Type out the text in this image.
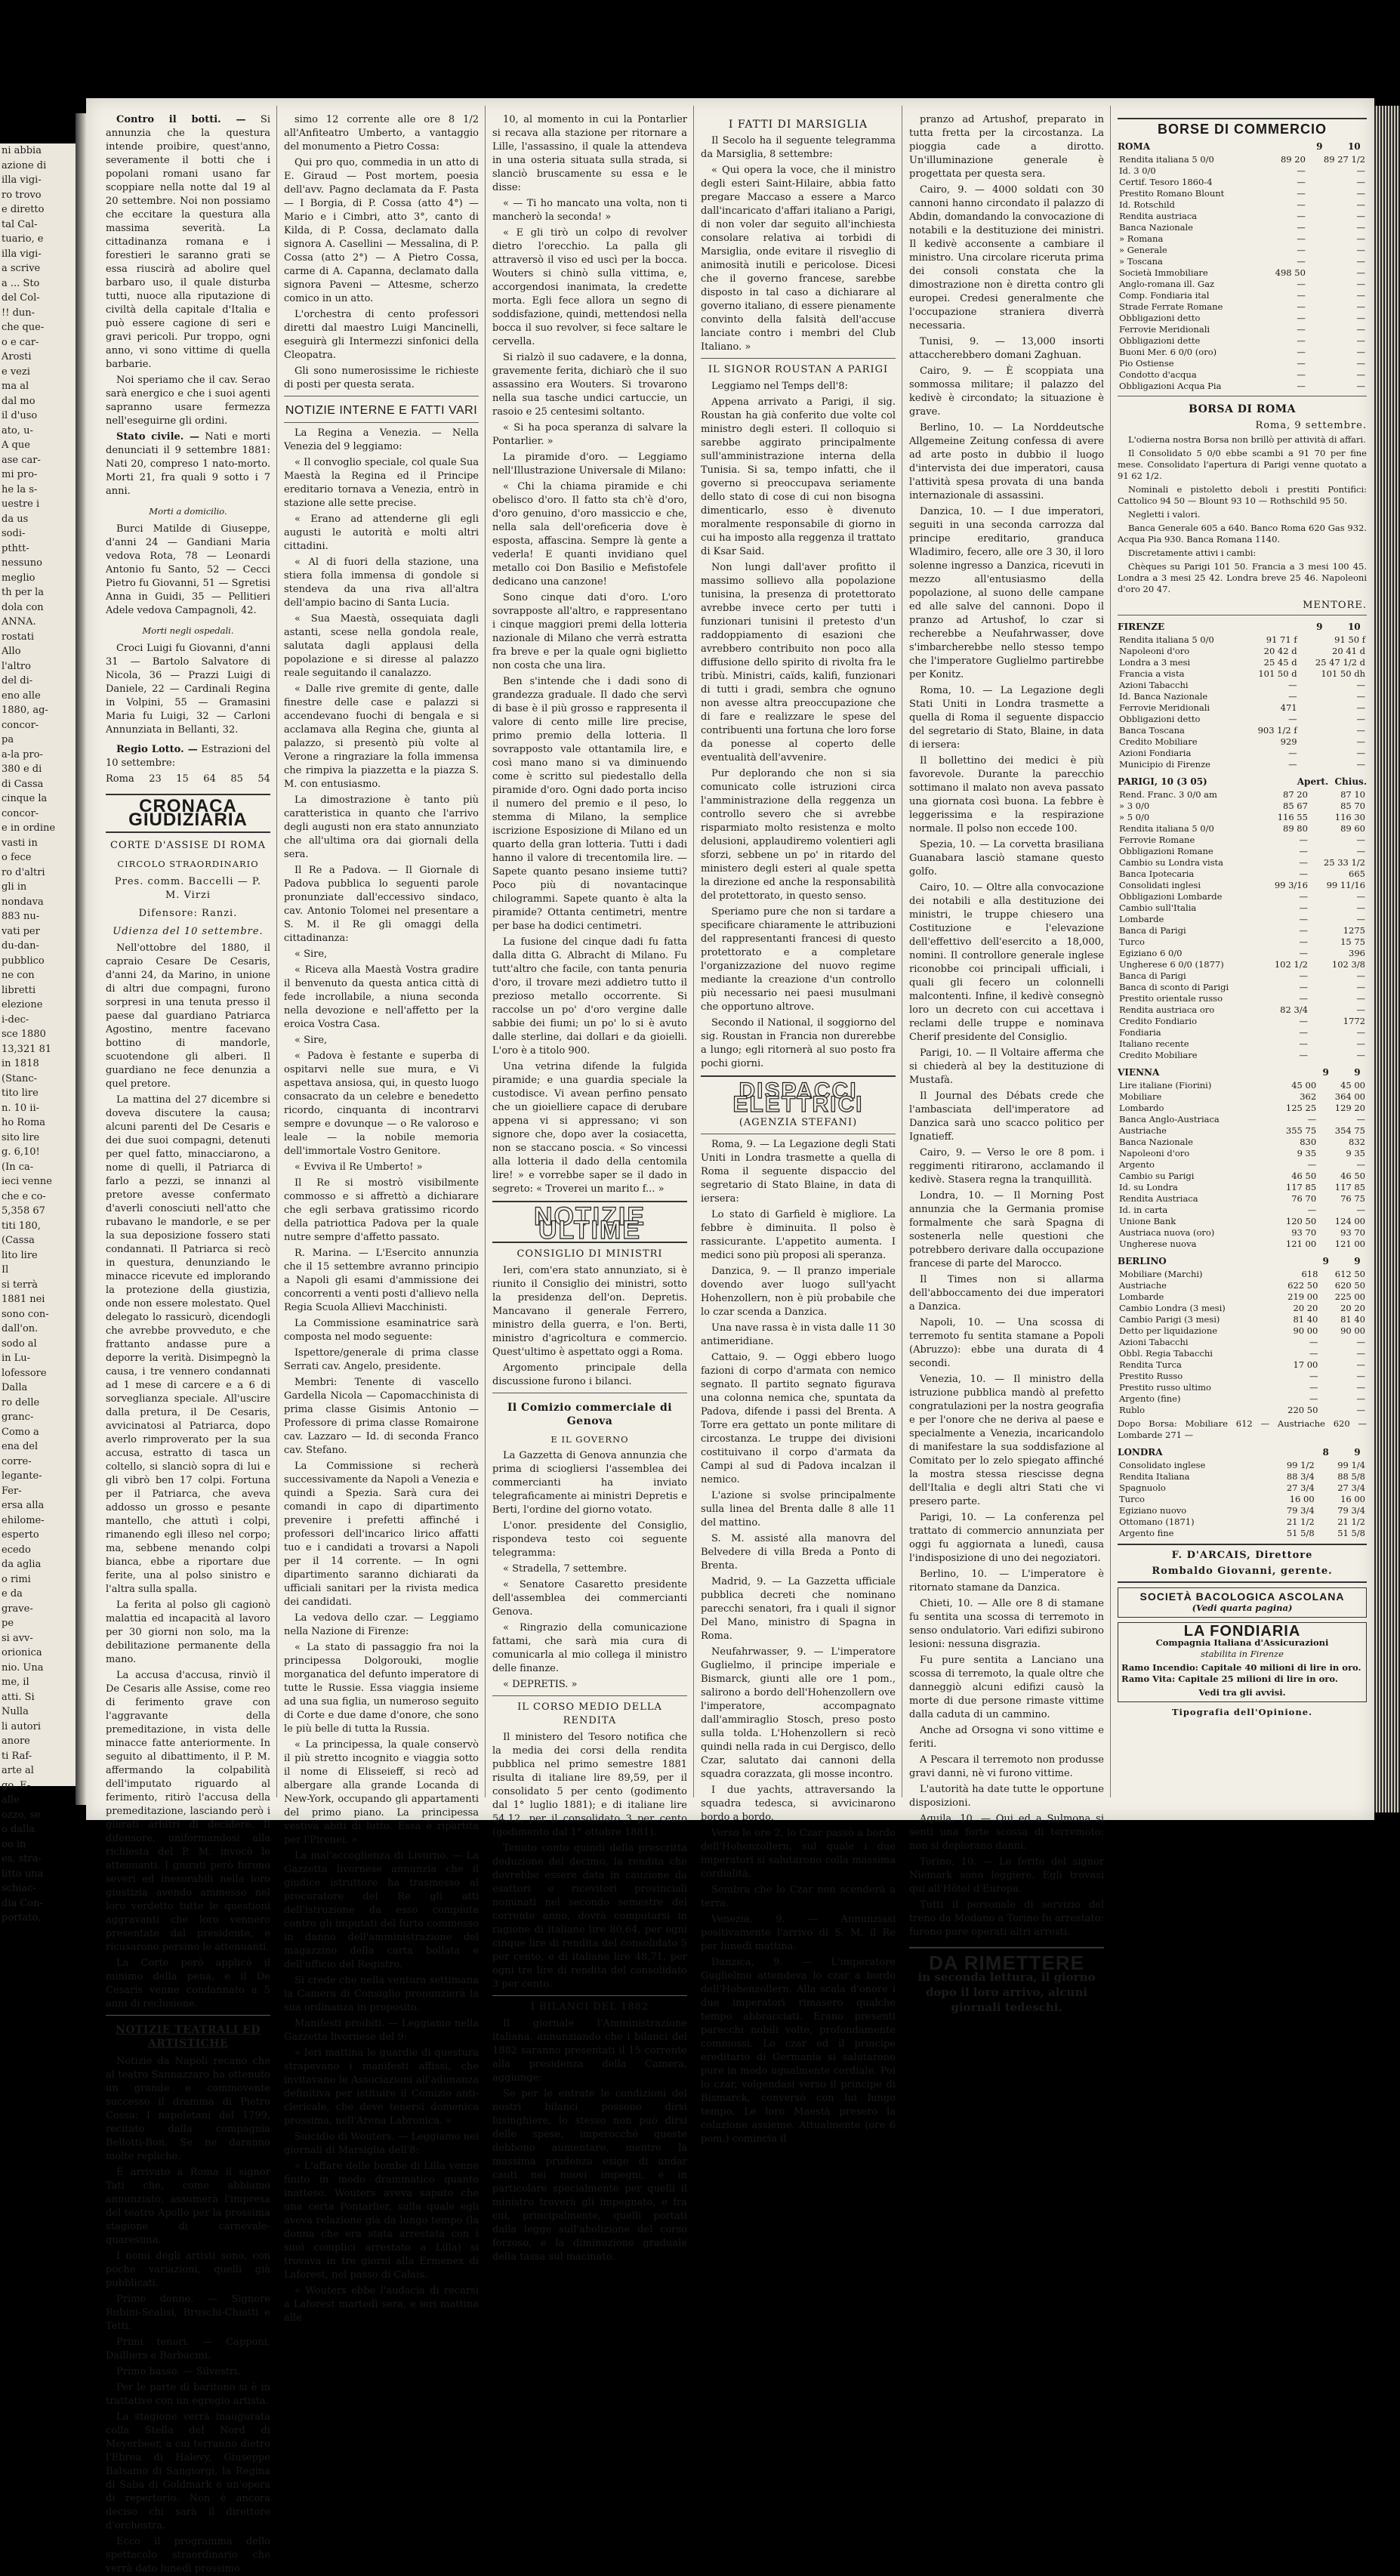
ni abbia
azione di
illa vigi-
ro trovo
e diretto
tal Cal-
tuario, e
illa vigi-
a scrive
a ... Sto
del Col-
!! dun-
che que-
o e car-
Arosti
e vezi
ma al
dal mo
il d'uso
ato, u-
A que
ase car-
mi pro-
he la s-
uestre i
da us
sodi-
pthtt-
nessuno
meglio
th per la
dola con
ANNA.
rostati
Allo
l'altro
del di-
eno alle
1880, ag-
concor-
pa
a-la pro-
380 e di
di Cassa
cinque la
concor-
e in ordine
vasti in
o fece
ro d'altri
gli in
nondava
883 nu-
vati per
du-dan-
pubblico
ne con
libretti
elezione
i-dec-
sce 1880
13,321 81
in 1818
(Stanc-
tito lire
n. 10 ii-
ho Roma
sito lire
g. 6,10!
(In ca-
ieci venne
che e co-
5,358 67
titi 180,
(Cassa
lito lire
Il
si terrà
1881 nei
sono con-
dall'on.
sodo al
in Lu-
lofessore
Dalla
ro delle
granc-
Como a
ena del
corre-
legante-
Fer-
ersa alla
ehilome-
esperto
ecedo
da aglia
o rimi
e da
grave-
pe
si avv-
orionica
nio. Una
me, il
atti. Si
Nulla
li autori
anore
ti Raf-
arte al
go. E-
alle
ozzo, se
o dalla
oo in
es, stra-
litto una
schiac-
dia Con-
portato,

Contro il botti. — Si annunzia che la questura intende proibire, quest'anno, severamente il botti che i popolani romani usano far scoppiare nella notte dal 19 al 20 settembre. Noi non possiamo che eccitare la questura alla massima severità. La cittadinanza romana e i forestieri le saranno grati se essa riuscirà ad abolire quel barbaro uso, il quale disturba tutti, nuoce alla riputazione di civiltà della capitale d'Italia e può essere cagione di seri e gravi pericoli. Pur troppo, ogni anno, vi sono vittime di quella barbarie.

Noi speriamo che il cav. Serao sarà energico e che i suoi agenti sapranno usare fermezza nell'eseguirne gli ordini.

Stato civile. — Nati e morti denunciati il 9 settembre 1881: Nati 20, compreso 1 nato-morto. Morti 21, fra quali 9 sotto i 7 anni.

Morti a domicilio.

Burci Matilde di Giuseppe, d'anni 24 — Gandiani Maria vedova Rota, 78 — Leonardi Antonio fu Santo, 52 — Cecci Pietro fu Giovanni, 51 — Sgretisi Anna in Guidi, 35 — Pellitieri Adele vedova Campagnoli, 42.

Morti negli ospedali.

Croci Luigi fu Giovanni, d'anni 31 — Bartolo Salvatore di Nicola, 36 — Prazzi Luigi di Daniele, 22 — Cardinali Regina in Volpini, 55 — Gramasini Maria fu Luigi, 32 — Carloni Annunziata in Bellanti, 32.

Regio Lotto. — Estrazioni del 10 settembre:

Roma 23 15 64 85 54
CRONACA GIUDIZIARIA
CORTE D'ASSISE DI ROMA
CIRCOLO STRAORDINARIO
Pres. comm. Baccelli — P. M. Virzi
Difensore: Ranzi.
Udienza del 10 settembre.

Nell'ottobre del 1880, il capraio Cesare De Cesaris, d'anni 24, da Marino, in unione di altri due compagni, furono sorpresi in una tenuta presso il paese dal guardiano Patriarca Agostino, mentre facevano bottino di mandorle, scuotendone gli alberi. Il guardiano ne fece denunzia a quel pretore.

La mattina del 27 dicembre si doveva discutere la causa; alcuni parenti del De Cesaris e dei due suoi compagni, detenuti per quel fatto, minacciarono, a nome di quelli, il Patriarca di farlo a pezzi, se innanzi al pretore avesse confermato d'averli conosciuti nell'atto che rubavano le mandorle, e se per la sua deposizione fossero stati condannati. Il Patriarca si recò in questura, denunziando le minacce ricevute ed implorando la protezione della giustizia, onde non essere molestato. Quel delegato lo rassicurò, dicendogli che avrebbe provveduto, e che frattanto andasse pure a deporre la verità. Disimpegnò la causa, i tre vennero condannati ad 1 mese di carcere e a 6 di sorveglianza speciale. All'uscire dalla pretura, il De Cesaris, avvicinatosi al Patriarca, dopo averlo rimproverato per la sua accusa, estratto di tasca un coltello, si slanciò sopra di lui e gli vibrò ben 17 colpi. Fortuna per il Patriarca, che aveva addosso un grosso e pesante mantello, che attutì i colpi, rimanendo egli illeso nel corpo; ma, sebbene menando colpi bianca, ebbe a riportare due ferite, una al polso sinistro e l'altra sulla spalla.

La ferita al polso gli cagionò malattia ed incapacità al lavoro per 30 giorni non solo, ma la debilitazione permanente della mano.

La accusa d'accusa, rinviò il De Cesaris alle Assise, come reo di ferimento grave con l'aggravante della premeditazione, in vista delle minacce fatte anteriormente. In seguito al dibattimento, il P. M. affermando la colpabilità dell'imputato riguardo al ferimento, ritirò l'accusa della premeditazione, lasciando però i giurati arbitri di decidere. Il difensore, uniformandosi alla richiesta del P. M. invocò le attenuanti. I giurati però furono severi ed inesorabili nella loro giustizia avendo ammesso nel loro verdetto tutte le questioni aggravanti che loro vennero presentate dal presidente, e ricusarono persino le attenuanti.

La Corte però applicò il minimo della pena, e il De Cesaris venne condannato a 5 anni di reclusione.

NOTIZIE TEATRALI ED ARTISTICHE

Notizie da Napoli recano che al teatro Sannazzaro ha ottenuto un grande e commovente successo il dramma di Pietro Cossa: I napoletani del 1799, recitato dalla compagnia Bellotti-Bon. Se ne daranno molte repliche.

È arrivato a Roma il signor Tati che, come abbiamo annunziato, assumerà l'impresa del teatro Apollo per la prossima stagione di carnevale-quaresima.

I nomi degli artisti sono, con poche variazioni, quelli già pubblicati.

Prime donne. — Signore Rubini-Scalisi, Bruschi-Chiatti e Tetti.

Primi tenori. — Capponi, Dailliers e Barbacini.

Primo basso. — Silvestri.

Per le parte di baritono si è in trattative con un egregio artista.

La stagione verrà inaugurata colla Stella del Nord di Meyerbeer, a cui terranno dietro l'Ebrea di Halevy, Giuseppe Balsamo di Sangiorgi, la Regina di Saba di Goldmark e un'opera di repertorio. Non è ancora deciso chi sarà il direttore d'orchestra.

Ecco il programma dello spettacolo straordinario che verrà dato lunedì prossimo

simo 12 corrente alle ore 8 1/2 all'Anfiteatro Umberto, a vantaggio del monumento a Pietro Cossa:

Qui pro quo, commedia in un atto di E. Giraud — Post mortem, poesia dell'avv. Pagno declamata da F. Pasta — I Borgia, di P. Cossa (atto 4°) — Mario e i Cimbri, atto 3°, canto di Kilda, di P. Cossa, declamato dalla signora A. Casellini — Messalina, di P. Cossa (atto 2°) — A Pietro Cossa, carme di A. Capanna, declamato dalla signora Paveni — Attesme, scherzo comico in un atto.

L'orchestra di cento professori diretti dal maestro Luigi Mancinelli, eseguirà gli Intermezzi sinfonici della Cleopatra.

Gli sono numerosissime le richieste di posti per questa serata.

NOTIZIE INTERNE E FATTI VARI

La Regina a Venezia. — Nella Venezia del 9 leggiamo:

« Il convoglio speciale, col quale Sua Maestà la Regina ed il Principe ereditario tornava a Venezia, entrò in stazione alle sette precise.

« Erano ad attenderne gli egli augusti le autorità e molti altri cittadini.

« Al di fuori della stazione, una stiera folla immensa di gondole si stendeva da una riva all'altra dell'ampio bacino di Santa Lucia.

« Sua Maestà, ossequiata dagli astanti, scese nella gondola reale, salutata dagli applausi della popolazione e si diresse al palazzo reale seguitando il canalazzo.

« Dalle rive gremite di gente, dalle finestre delle case e palazzi si accendevano fuochi di bengala e si acclamava alla Regina che, giunta al palazzo, si presentò più volte al Verone a ringraziare la folla immensa che rimpiva la piazzetta e la piazza S. M. con entusiasmo.

La dimostrazione è tanto più caratteristica in quanto che l'arrivo degli augusti non era stato annunziato che all'ultima ora dai giornali della sera.

Il Re a Padova. — Il Giornale di Padova pubblica lo seguenti parole pronunziate dall'eccessivo sindaco, cav. Antonio Tolomei nel presentare a S. M. il Re gli omaggi della cittadinanza:

« Sire,

« Riceva alla Maestà Vostra gradire il benvenuto da questa antica città di fede incrollabile, a niuna seconda nella devozione e nell'affetto per la eroica Vostra Casa.

« Sire,

« Padova è festante e superba di ospitarvi nelle sue mura, e Vi aspettava ansiosa, qui, in questo luogo consacrato da un celebre e benedetto ricordo, cinquanta di incontrarvi sempre e dovunque — o Re valoroso e leale — la nobile memoria dell'immortale Vostro Genitore.

« Evviva il Re Umberto! »

Il Re si mostrò visibilmente commosso e si affrettò a dichiarare che egli serbava gratissimo ricordo della patriottica Padova per la quale nutre sempre d'affetto passato.

R. Marina. — L'Esercito annunzia che il 15 settembre avranno principio a Napoli gli esami d'ammissione dei concorrenti a venti posti d'allievo nella Regia Scuola Allievi Macchinisti.

La Commissione esaminatrice sarà composta nel modo seguente:

Ispettore/generale di prima classe Serrati cav. Angelo, presidente.

Membri: Tenente di vascello Gardella Nicola — Capomacchinista di prima classe Gisimis Antonio — Professore di prima classe Romairone cav. Lazzaro — Id. di seconda Franco cav. Stefano.

La Commissione si recherà successivamente da Napoli a Venezia e quindi a Spezia. Sarà cura dei comandi in capo di dipartimento prevenire i prefetti affinché i professori dell'incarico lirico affatti tuo e i candidati a trovarsi a Napoli per il 14 corrente. — In ogni dipartimento saranno dichiarati da ufficiali sanitari per la rivista medica dei candidati.

La vedova dello czar. — Leggiamo nella Nazione di Firenze:

« La stato di passaggio fra noi la principessa Dolgorouki, moglie morganatica del defunto imperatore di tutte le Russie. Essa viaggia insieme ad una sua figlia, un numeroso seguito di Corte e due dame d'onore, che sono le più belle di tutta la Russia.

« La principessa, la quale conservò il più stretto incognito e viaggia sotto il nome di Elisseieff, si recò ad albergare alla grande Locanda di New-York, occupando gli appartamenti del primo piano. La principessa vestiva abiti di lutto. Essa è ripartita per l'Pirenei. »

La mal'accoglienza di Livorno. — La Gazzetta livornese annunzia che il giudice istruttore ha trasmesso al procuratore del Re gli atti dell'istruzione da esso compiuta contro gli imputati del furto commesso in danno dell'amministrazione del magazzino della carta bollata e dell'ufficio del Registro.

Si crede che nella ventura settimana la Camera di Consiglio pronunzierà la sua ordinanza in proposito.

Manifesti proibiti. — Leggiamo nella Gazzetta livornese del 9:

« Ieri mattina le guardie di questura strapevano i manifesti affissi, che invitavano le Associazioni all'adunanza definitiva per istituire il Comizio anti-clericale, che deve tenersi domenica prossima, nell'Arena Labronica. »

Suicidio di Wouters. — Leggiamo nei giornali di Marsiglia dell'8:

« L'affare delle bombe di Lilla venne finito in modo drammatico quanto inatteso. Wouters aveva saputo che una certa Pontarlier, sulla quale egli aveva relazione già da lungo tempo (la donna che era stata arrestata con i suoi complici arrestato a Lilla) si trovava in tre giorni alla Ermenex di Laforest, nel passo di Calais.

« Wouters ebbe l'audacia di recarsi a Laforest martedì sera, e ieri mattina alle

10, al momento in cui la Pontarlier si recava alla stazione per ritornare a Lille, l'assassino, il quale la attendeva in una osteria situata sulla strada, si slanciò bruscamente su essa e le disse:

« — Ti ho mancato una volta, non ti mancherò la seconda! »

« E gli tirò un colpo di revolver dietro l'orecchio. La palla gli attraversò il viso ed uscì per la bocca. Wouters si chinò sulla vittima, e, accorgendosi inanimata, la credette morta. Egli fece allora un segno di soddisfazione, quindi, mettendosi nella bocca il suo revolver, si fece saltare le cervella.

Si rialzò il suo cadavere, e la donna, gravemente ferita, dichiarò che il suo assassino era Wouters. Si trovarono nella sua tasche undici cartuccie, un rasoio e 25 centesimi soltanto.

« Si ha poca speranza di salvare la Pontarlier. »

La piramide d'oro. — Leggiamo nell'Illustrazione Universale di Milano:

« Chi la chiama piramide e chi obelisco d'oro. Il fatto sta ch'è d'oro, d'oro genuino, d'oro massiccio e che, nella sala dell'oreficeria dove è esposta, affascina. Sempre là gente a vederla! E quanti invidiano quel metallo coi Don Basilio e Mefistofele dedicano una canzone!

Sono cinque dati d'oro. L'oro sovrapposte all'altro, e rappresentano i cinque maggiori premi della lotteria nazionale di Milano che verrà estratta fra breve e per la quale ogni biglietto non costa che una lira.

Ben s'intende che i dadi sono di grandezza graduale. Il dado che servì di base è il più grosso e rappresenta il valore di cento mille lire precise, primo premio della lotteria. Il sovrapposto vale ottantamila lire, e così mano mano si va diminuendo come è scritto sul piedestallo della piramide d'oro. Ogni dado porta inciso il numero del premio e il peso, lo stemma di Milano, la semplice iscrizione Esposizione di Milano ed un quarto della gran lotteria. Tutti i dadi hanno il valore di trecentomila lire. — Sapete quanto pesano insieme tutti? Poco più di novantacinque chilogrammi. Sapete quanto è alta la piramide? Ottanta centimetri, mentre per base ha dodici centimetri.

La fusione del cinque dadi fu fatta dalla ditta G. Albracht di Milano. Fu tutt'altro che facile, con tanta penuria d'oro, il trovare mezi addietro tutto il prezioso metallo occorrente. Si raccolse un po' d'oro vergine dalle sabbie dei fiumi; un po' lo si è avuto dalle sterline, dai dollari e da gioielli. L'oro è a titolo 900.

Una vetrina difende la fulgida piramide; e una guardia speciale la custodisce. Vi avean perfino pensato che un gioielliere capace di derubare appena vi si appressano; vi son signore che, dopo aver la cosiacetta, non se staccano poscia. « So vincessi alla lotteria il dado della centomila lire! » e vorrebbe saper se il dado in segreto: « Troverei un marito f... »

NOTIZIE ULTIME
CONSIGLIO DI MINISTRI

Ieri, com'era stato annunziato, si è riunito il Consiglio dei ministri, sotto la presidenza dell'on. Depretis. Mancavano il generale Ferrero, ministro della guerra, e l'on. Berti, ministro d'agricoltura e commercio. Quest'ultimo è aspettato oggi a Roma.

Argomento principale della discussione furono i bilanci.

Il Comizio commerciale di Genova
E IL GOVERNO

La Gazzetta di Genova annunzia che prima di sciogliersi l'assemblea dei commercianti ha inviato telegraficamente ai ministri Depretis e Berti, l'ordine del giorno votato.

L'onor. presidente del Consiglio, rispondeva testo coi seguente telegramma:

« Stradella, 7 settembre.

« Senatore Casaretto presidente dell'assemblea dei commercianti Genova.

« Ringrazio della comunicazione fattami, che sarà mia cura di comunicarla al mio collega il ministro delle finanze.

« DEPRETIS. »

IL CORSO MEDIO DELLA RENDITA

Il ministero del Tesoro notifica che la media dei corsi della rendita pubblica nel primo semestre 1881 risulta di italiane lire 89,59, per il consolidato 5 per cento (godimento dal 1° luglio 1881); e di italiane lire 54,12, per il consolidato 3 per cento (godimento dal 1° ottobre 1881).

Tenuto conto quindi della prescritta deduzione del decimo, la rendita che dovrebbe essere data in cauzione da esattori e ricevitori provinciali nominati nel secondo semestre del corrente anno, dovrà computarsi in ragione di italiane lire 80,64, per ogni cinque lire di rendita del consolidato 5 per cento, e di italiane lire 48,71, per ogni tre lire di rendita del consolidato 3 per cento.

I BILANCI DEL 1882

Il giornale l'Amministrazione italiana, annunziando che i bilanci del 1882 saranno presentati il 15 corrente alla presidenza della Camera, aggiunge:

Se per le entrate le condizioni del nostri bilanci possono dirsi lusinghiere, lo stesso non può dirsi delle spese, imperocché queste debbono aumentare, mentre la massima prudenza esige di andar cauti nei nuovi impegni, e in particolare specialmente per quelli il ministro troverà gli impegnato, e fra cui, principalmente, quelli portati dalla legge sull'abolizione del corso forzoso, e la diminuzione graduale della tassa sul macinato.

I FATTI DI MARSIGLIA

Il Secolo ha il seguente telegramma da Marsiglia, 8 settembre:

« Qui opera la voce, che il ministro degli esteri Saint-Hilaire, abbia fatto pregare Maccaso a essere a Marco dall'incaricato d'affari italiano a Parigi, di non voler dar seguito all'inchiesta consolare relativa ai torbidi di Marsiglia, onde evitare il risveglio di animosità inutili e pericolose. Dicesi che il governo francese, sarebbe disposto in tal caso a dichiarare al governo italiano, di essere pienamente convinto della falsità dell'accuse lanciate contro i membri del Club Italiano. »

IL SIGNOR ROUSTAN A PARIGI

Leggiamo nel Temps dell'8:

Appena arrivato a Parigi, il sig. Roustan ha già conferito due volte col ministro degli esteri. Il colloquio si sarebbe aggirato principalmente sull'amministrazione interna della Tunisia. Si sa, tempo infatti, che il governo si preoccupava seriamente dello stato di cose di cui non bisogna dimenticarlo, esso è divenuto moralmente responsabile di giorno in cui ha imposto alla reggenza il trattato di Ksar Said.

Non lungi dall'aver profitto il massimo sollievo alla popolazione tunisina, la presenza di protettorato avrebbe invece certo per tutti i funzionari tunisini il pretesto d'un raddoppiamento di esazioni che avrebbero contribuito non poco alla diffusione dello spirito di rivolta fra le tribù. Ministri, caïds, kalifi, funzionari di tutti i gradi, sembra che ognuno non avesse altra preoccupazione che di fare e realizzare le spese del contribuenti una fortuna che loro forse da ponesse al coperto delle eventualità dell'avvenire.

Pur deplorando che non si sia comunicato colle istruzioni circa l'amministrazione della reggenza un controllo severo che si avrebbe risparmiato molto resistenza e molto delusioni, applaudiremo volentieri agli sforzi, sebbene un po' in ritardo del ministero degli esteri al quale spetta la direzione ed anche la responsabilità del protettorato, in questo senso.

Speriamo pure che non si tardare a specificare chiaramente le attribuzioni del rappresentanti francesi di questo protettorato e a completare l'organizzazione del nuovo regime mediante la creazione d'un controllo più necessario nei paesi musulmani che opportuno altrove.

Secondo il National, il soggiorno del sig. Roustan in Francia non durerebbe a lungo; egli ritornerà al suo posto fra pochi giorni.

DISPACCI ELETTRICI
(AGENZIA STEFANI)

Roma, 9. — La Legazione degli Stati Uniti in Londra trasmette a quella di Roma il seguente dispaccio del segretario di Stato Blaine, in data di iersera:

Lo stato di Garfield è migliore. La febbre è diminuita. Il polso è rassicurante. L'appetito aumenta. I medici sono più proposi ali speranza.

Danzica, 9. — Il pranzo imperiale dovendo aver luogo sull'yacht Hohenzollern, non è più probabile che lo czar scenda a Danzica.

Una nave rassa è in vista dalle 11 30 antimeridiane.

Cattaio, 9. — Oggi ebbero luogo fazioni di corpo d'armata con nemico segnato. Il partito segnato figurava una colonna nemica che, spuntata da Padova, difende i passi del Brenta. A Torre era gettato un ponte militare di circostanza. Le truppe dei divisioni costituivano il corpo d'armata da Campi al sud di Padova incalzan il nemico.

L'azione si svolse principalmente sulla linea del Brenta dalle 8 alle 11 del mattino.

S. M. assisté alla manovra del Belvedere di villa Breda a Ponto di Brenta.

Madrid, 9. — La Gazzetta ufficiale pubblica decreti che nominano parecchi senatori, fra i quali il signor Del Mano, ministro di Spagna in Roma.

Neufahrwasser, 9. — L'imperatore Guglielmo, il principe imperiale e Bismarck, giunti alle ore 1 pom., salirono a bordo dell'Hohenzollern ove l'imperatore, accompagnato dall'ammiraglio Stosch, preso posto sulla tolda. L'Hohenzollern si recò quindi nella rada in cui Dergisco, dello Czar, salutato dai cannoni della squadra corazzata, gli mosse incontro.

I due yachts, attraversando la squadra tedesca, si avvicinarono bordo a bordo.

Verso le ore 2, lo Czar passò a bordo dell'Hohenzollern, sul quale i due imperatori si salutarono colla massima cordialità.

Sembra che lo Czar non scenderà a terra.

Venezia, 9. — Annunziasi positivamente l'arrivo di S. M. il Re per lunedì mattina.

Danzica, 9. — L'imperatore Guglielmo attendeva lo czar a bordo dell'Hohenzollern. Alla scala d'onore i due imperatori rimasero qualche tempo abbracciati. Erano presenti parecchi nobili volte, profondamente commossi. Lo czar ed il principe ereditario di Germania si salutarono pure in modo ugualmente cordiale. Poi lo czar, volgendasi verso il principe di Bismarck, conversò con lui lungo tempo. Le loro Maestà presero la colazione assieme. Attualmente (ore 6 pom.) comincia il

pranzo ad Artushof, preparato in tutta fretta per la circostanza. La pioggia cade a dirotto. Un'illuminazione generale è progettata per questa sera.

Cairo, 9. — 4000 soldati con 30 cannoni hanno circondato il palazzo di Abdin, domandando la convocazione di notabili e la destituzione dei ministri. Il kedivè acconsente a cambiare il ministro. Una circolare riceruta prima dei consoli constata che la dimostrazione non è diretta contro gli europei. Credesi generalmente che l'occupazione straniera diverrà necessaria.

Tunisi, 9. — 13,000 insorti attaccherebbero domani Zaghuan.

Cairo, 9. — È scoppiata una sommossa militare; il palazzo del kedivè è circondato; la situazione è grave.

Berlino, 10. — La Norddeutsche Allgemeine Zeitung confessa di avere ad arte posto in dubbio il luogo d'intervista dei due imperatori, causa l'attività spesa provata di una banda internazionale di assassini.

Danzica, 10. — I due imperatori, seguiti in una seconda carrozza dal principe ereditario, granduca Wladimiro, fecero, alle ore 3 30, il loro solenne ingresso a Danzica, ricevuti in mezzo all'entusiasmo della popolazione, al suono delle campane ed alle salve del cannoni. Dopo il pranzo ad Artushof, lo czar si recherebbe a Neufahrwasser, dove s'imbarcherebbe nello stesso tempo che l'imperatore Guglielmo partirebbe per Konitz.

Roma, 10. — La Legazione degli Stati Uniti in Londra trasmette a quella di Roma il seguente dispaccio del segretario di Stato, Blaine, in data di iersera:

Il bollettino dei medici è più favorevole. Durante la parecchio sottimano il malato non aveva passato una giornata così buona. La febbre è leggerissima e la respirazione normale. Il polso non eccede 100.

Spezia, 10. — La corvetta brasiliana Guanabara lasciò stamane questo golfo.

Cairo, 10. — Oltre alla convocazione dei notabili e alla destituzione dei ministri, le truppe chiesero una Costituzione e l'elevazione dell'effettivo dell'esercito a 18,000, nomini. Il controllore generale inglese riconobbe coi principali ufficiali, i quali gli fecero un colonnelli malcontenti. Infine, il kedivè consegnò loro un decreto con cui accettava i reclami delle truppe e nominava Cherif presidente del Consiglio.

Parigi, 10. — Il Voltaire afferma che si chiederà al bey la destituzione di Mustafà.

Il Journal des Débats crede che l'ambasciata dell'imperatore ad Danzica sarà uno scacco politico per Ignatieff.

Cairo, 9. — Verso le ore 8 pom. i reggimenti ritirarono, acclamando il kedivè. Stasera regna la tranquillità.

Londra, 10. — Il Morning Post annunzia che la Germania promise formalmente che sarà Spagna di sostenerla nelle questioni che potrebbero derivare dalla occupazione francese di parte del Marocco.

Il Times non si allarma dell'abboccamento dei due imperatori a Danzica.

Napoli, 10. — Una scossa di terremoto fu sentita stamane a Popoli (Abruzzo): ebbe una durata di 4 secondi.

Venezia, 10. — Il ministro della istruzione pubblica mandò al prefetto congratulazioni per la nostra geografia e per l'onore che ne deriva al paese e specialmente a Venezia, incaricandolo di manifestare la sua soddisfazione al Comitato per lo zelo spiegato affinché la mostra stessa riescisse degna dell'Italia e degli altri Stati che vi presero parte.

Parigi, 10. — La conferenza pel trattato di commercio annunziata per oggi fu aggiornata a lunedì, causa l'indisposizione di uno dei negoziatori.

Berlino, 10. — L'imperatore è ritornato stamane da Danzica.

Chieti, 10. — Alle ore 8 di stamane fu sentita una scossa di terremoto in senso ondulatorio. Vari edifizi subirono lesioni: nessuna disgrazia.

Fu pure sentita a Lanciano una scossa di terremoto, la quale oltre che danneggiò alcuni edifizi causò la morte di due persone rimaste vittime dalla caduta di un cammino.

Anche ad Orsogna vi sono vittime e feriti.

A Pescara il terremoto non produsse gravi danni, nè vi furono vittime.

L'autorità ha date tutte le opportune disposizioni.

Aquila, 10. — Qui ed a Sulmona si sentì una forte scossa di terremoto: non si deplorano danni.

Torino, 10. — Le ferite del signor Niemark sono leggiere. Egli trovasi qui all'Hôtel d'Europa.

Tutti il personale di servizio del treno da Modano a Torino fu arrestato: furono pure operati altri arresti.

DA RIMETTERE
in seconda lettura, il giorno dopo il loro arrivo, alcuni giornali tedeschi.
BORSE DI COMMERCIO
ROMA	9	10
Rendita italiana 5 0/0	89 20	89 27 1/2
Id. 3 0/0	—	—
Certif. Tesoro 1860-4	—	—
Prestito Romano Blount	—	—
Id. Rotschild	—	—
Rendita austriaca	—	—
Banca Nazionale	—	—
» Romana	—	—
» Generale	—	—
» Toscana	—	—
Società Immobiliare	498 50	—
Anglo-romana ill. Gaz	—	—
Comp. Fondiaria ital	—	—
Strade Ferrate Romane	—	—
Obbligazioni detto	—	—
Ferrovie Meridionali	—	—
Obbligazioni dette	—	—
Buoni Mer. 6 0/0 (oro)	—	—
Pio Ostiense	—	—
Condotto d'acqua	—	—
Obbligazioni Acqua Pia	—	—
BORSA DI ROMA
Roma, 9 settembre.

L'odierna nostra Borsa non brillò per attività di affari.

Il Consolidato 5 0/0 ebbe scambi a 91 70 per fine mese. Consolidato l'apertura di Parigi venne quotato a 91 62 1/2.

Nominali e pistoletto deboli i prestiti Pontifici: Cattolico 94 50 — Blount 93 10 — Rothschild 95 50.

Negletti i valori.

Banca Generale 605 a 640. Banco Roma 620 Gas 932. Acqua Pia 930. Banca Romana 1140.

Discretamente attivi i cambi:

Chèques su Parigi 101 50. Francia a 3 mesi 100 45. Londra a 3 mesi 25 42. Londra breve 25 46. Napoleoni d'oro 20 47.

MENTORE.
FIRENZE	9	10
Rendita italiana 5 0/0	91 71 f	91 50 f
Napoleoni d'oro	20 42 d	20 41 d
Londra a 3 mesi	25 45 d	25 47 1/2 d
Francia a vista	101 50 d	101 50 dh
Azioni Tabacchi	—	—
Id. Banca Nazionale	—	—
Ferrovie Meridionali	471	—
Obbligazioni detto	—	—
Banca Toscana	903 1/2 f	—
Credito Mobiliare	929	—
Azioni Fondiaria	—	—
Municipio di Firenze	—	—
PARIGI, 10 (3 05)	Apert. Chius.
Rend. Franc. 3 0/0 am	87 20	87 10
» 3 0/0	85 67	85 70
» 5 0/0	116 55	116 30
Rendita italiana 5 0/0	89 80	89 60
Ferrovie Romane	—	—
Obbligazioni Romane	—	—
Cambio su Londra vista	—	25 33 1/2
Banca Ipotecaria	—	665
Consolidati inglesi	99 3/16	99 11/16
Obbligazioni Lombarde	—	—
Cambio sull'Italia	—	—
Lombarde	—	—
Banca di Parigi	—	1275
Turco	—	15 75
Egiziano 6 0/0	—	396
Ungherese 6 0/0 (1877)	102 1/2	102 3/8
Banca di Parigi	—	—
Banca di sconto di Parigi	—	—
Prestito orientale russo	—	—
Rendita austriaca oro	82 3/4	—
Credito Fondiario	—	1772
Fondiaria	—	—
Italiano recente	—	—
Credito Mobiliare	—	—
VIENNA	9	9
Lire italiane (Fiorini)	45 00	45 00
Mobiliare	362	364 00
Lombardo	125 25	129 20
Banca Anglo-Austriaca	—	—
Austriache	355 75	354 75
Banca Nazionale	830	832
Napoleoni d'oro	9 35	9 35
Argento	—	—
Cambio su Parigi	46 50	46 50
Id. su Londra	117 85	117 85
Rendita Austriaca	76 70	76 75
Id. in carta	—	—
Unione Bank	120 50	124 00
Austriaca nuova (oro)	93 70	93 70
Ungherese nuova	121 00	121 00
BERLINO	9	9
Mobiliare (Marchi)	618	612 50
Austriache	622 50	620 50
Lombarde	219 00	225 00
Cambio Londra (3 mesi)	20 20	20 20
Cambio Parigi (3 mesi)	81 40	81 40
Detto per liquidazione	90 00	90 00
Azioni Tabacchi	—	—
Obbl. Regia Tabacchi	—	—
Rendita Turca	17 00	—
Prestito Russo	—	—
Prestito russo ultimo	—	—
Argento (fine)	—	—
Rublo	220 50	—
Dopo Borsa: Mobiliare 612 — Austriache 620 — Lombarde 271 —
LONDRA	8	9
Consolidato inglese	99 1/2	99 1/4
Rendita Italiana	88 3/4	88 5/8
Spagnuolo	27 3/4	27 3/4
Turco	16 00	16 00
Egiziano nuovo	79 3/4	79 3/4
Ottomano (1871)	21 1/2	21 1/2
Argento fine	51 5/8	51 5/8
F. D'ARCAIS, Direttore
Rombaldo Giovanni, gerente.
SOCIETÀ BACOLOGICA ASCOLANA
(Vedi quarta pagina)
LA FONDIARIA
Compagnia Italiana d'Assicurazioni
stabilita in Firenze
Ramo Incendio: Capitale 40 milioni di lire in oro.
Ramo Vita: Capitale 25 milioni di lire in oro.
Vedi tra gli avvisi.
Tipografia dell'Opinione.
